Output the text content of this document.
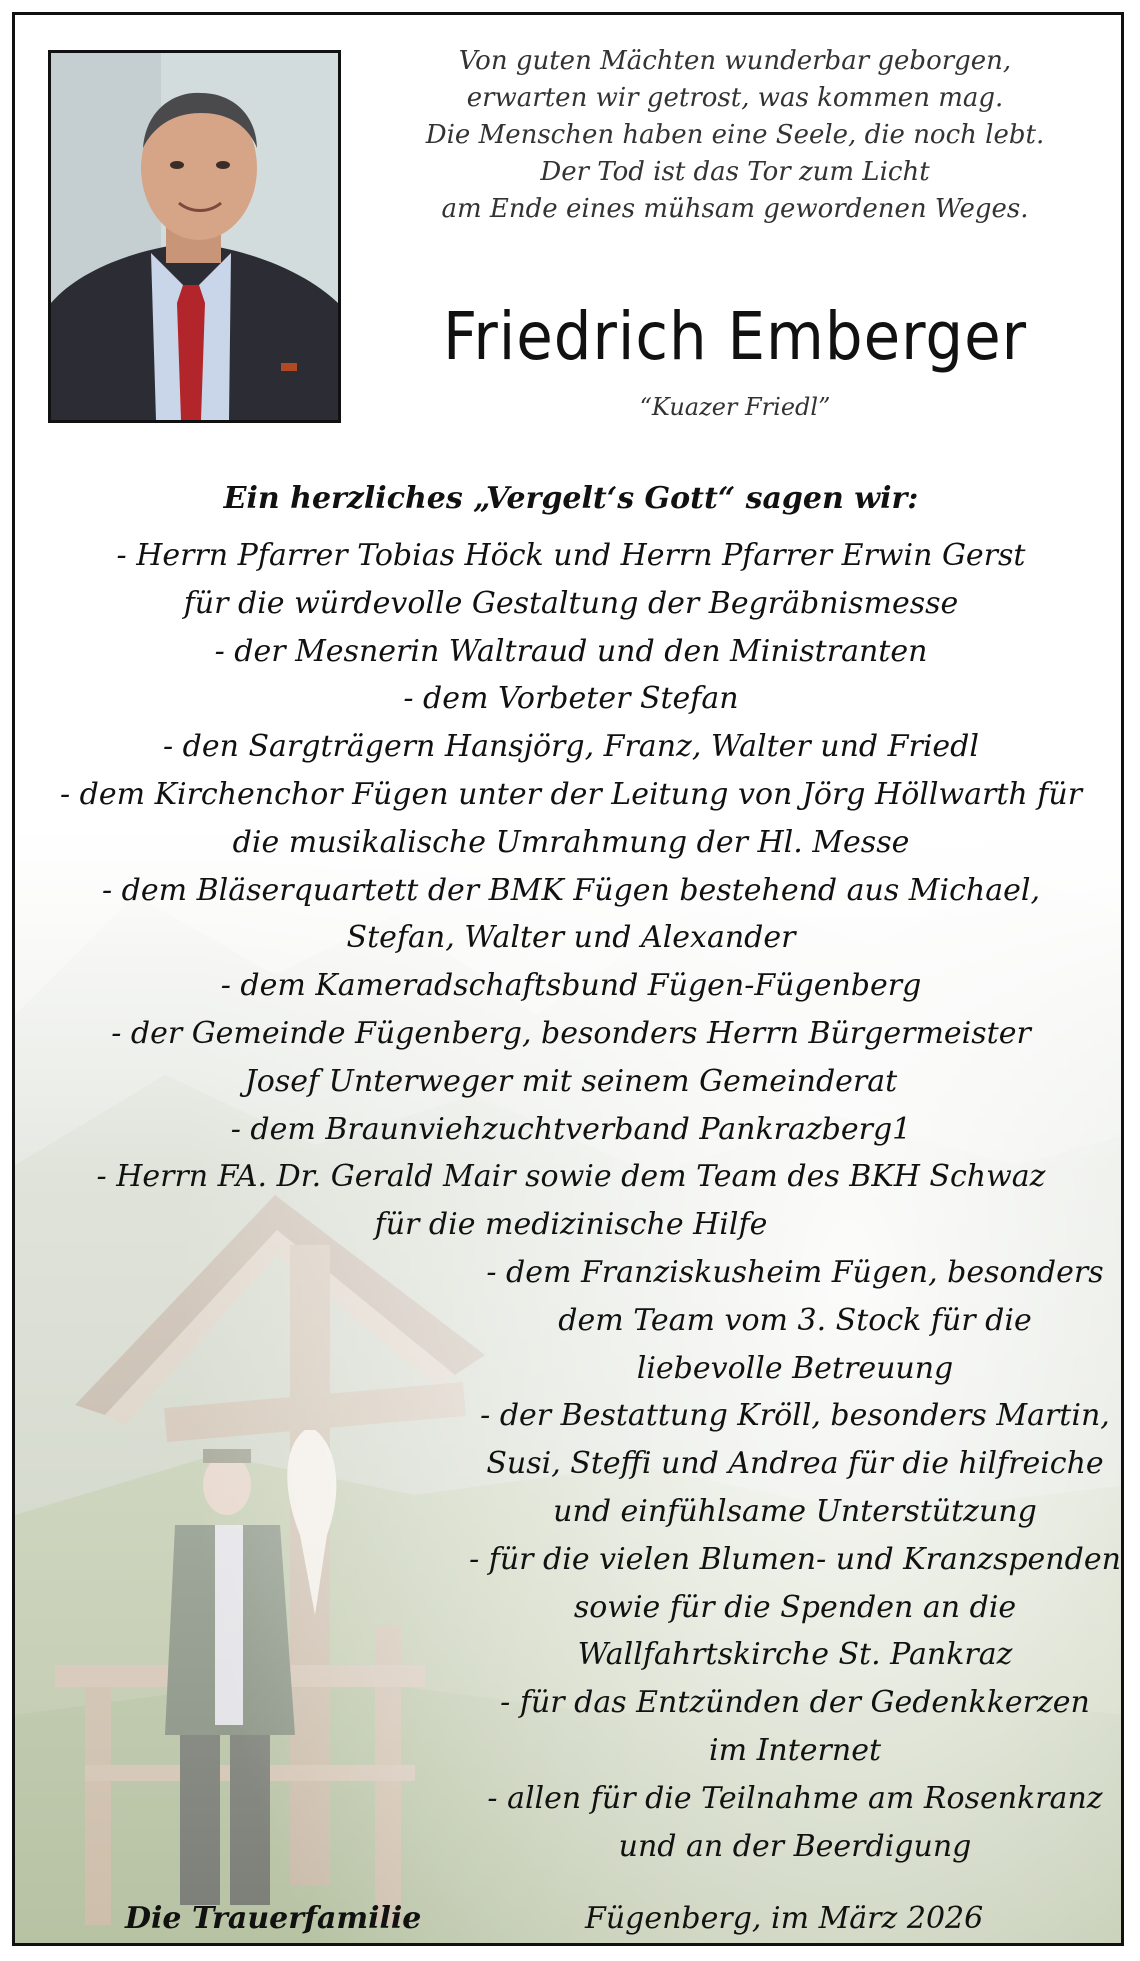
Von guten Mächten wunderbar geborgen,
erwarten wir getrost, was kommen mag.
Die Menschen haben eine Seele, die noch lebt.
Der Tod ist das Tor zum Licht
am Ende eines mühsam gewordenen Weges.
Friedrich Emberger
“Kuazer Friedl”
Ein herzliches „Vergelt‘s Gott“ sagen wir:
- Herrn Pfarrer Tobias Höck und Herrn Pfarrer Erwin Gerst
für die würdevolle Gestaltung der Begräbnismesse
- der Mesnerin Waltraud und den Ministranten
- dem Vorbeter Stefan
- den Sargträgern Hansjörg, Franz, Walter und Friedl
- dem Kirchenchor Fügen unter der Leitung von Jörg Höllwarth für
die musikalische Umrahmung der Hl. Messe
- dem Bläserquartett der BMK Fügen bestehend aus Michael,
Stefan, Walter und Alexander
- dem Kameradschaftsbund Fügen-Fügenberg
- der Gemeinde Fügenberg, besonders Herrn Bürgermeister
Josef Unterweger mit seinem Gemeinderat
- dem Braunviehzuchtverband Pankrazberg1
- Herrn FA. Dr. Gerald Mair sowie dem Team des BKH Schwaz
für die medizinische Hilfe
- dem Franziskusheim Fügen, besonders
dem Team vom 3. Stock für die
liebevolle Betreuung
- der Bestattung Kröll, besonders Martin,
Susi, Steffi und Andrea für die hilfreiche
und einfühlsame Unterstützung
- für die vielen Blumen- und Kranzspenden
sowie für die Spenden an die
Wallfahrtskirche St. Pankraz
- für das Entzünden der Gedenkkerzen
im Internet
- allen für die Teilnahme am Rosenkranz
und an der Beerdigung
Die Trauerfamilie	Fügenberg, im März 2026
